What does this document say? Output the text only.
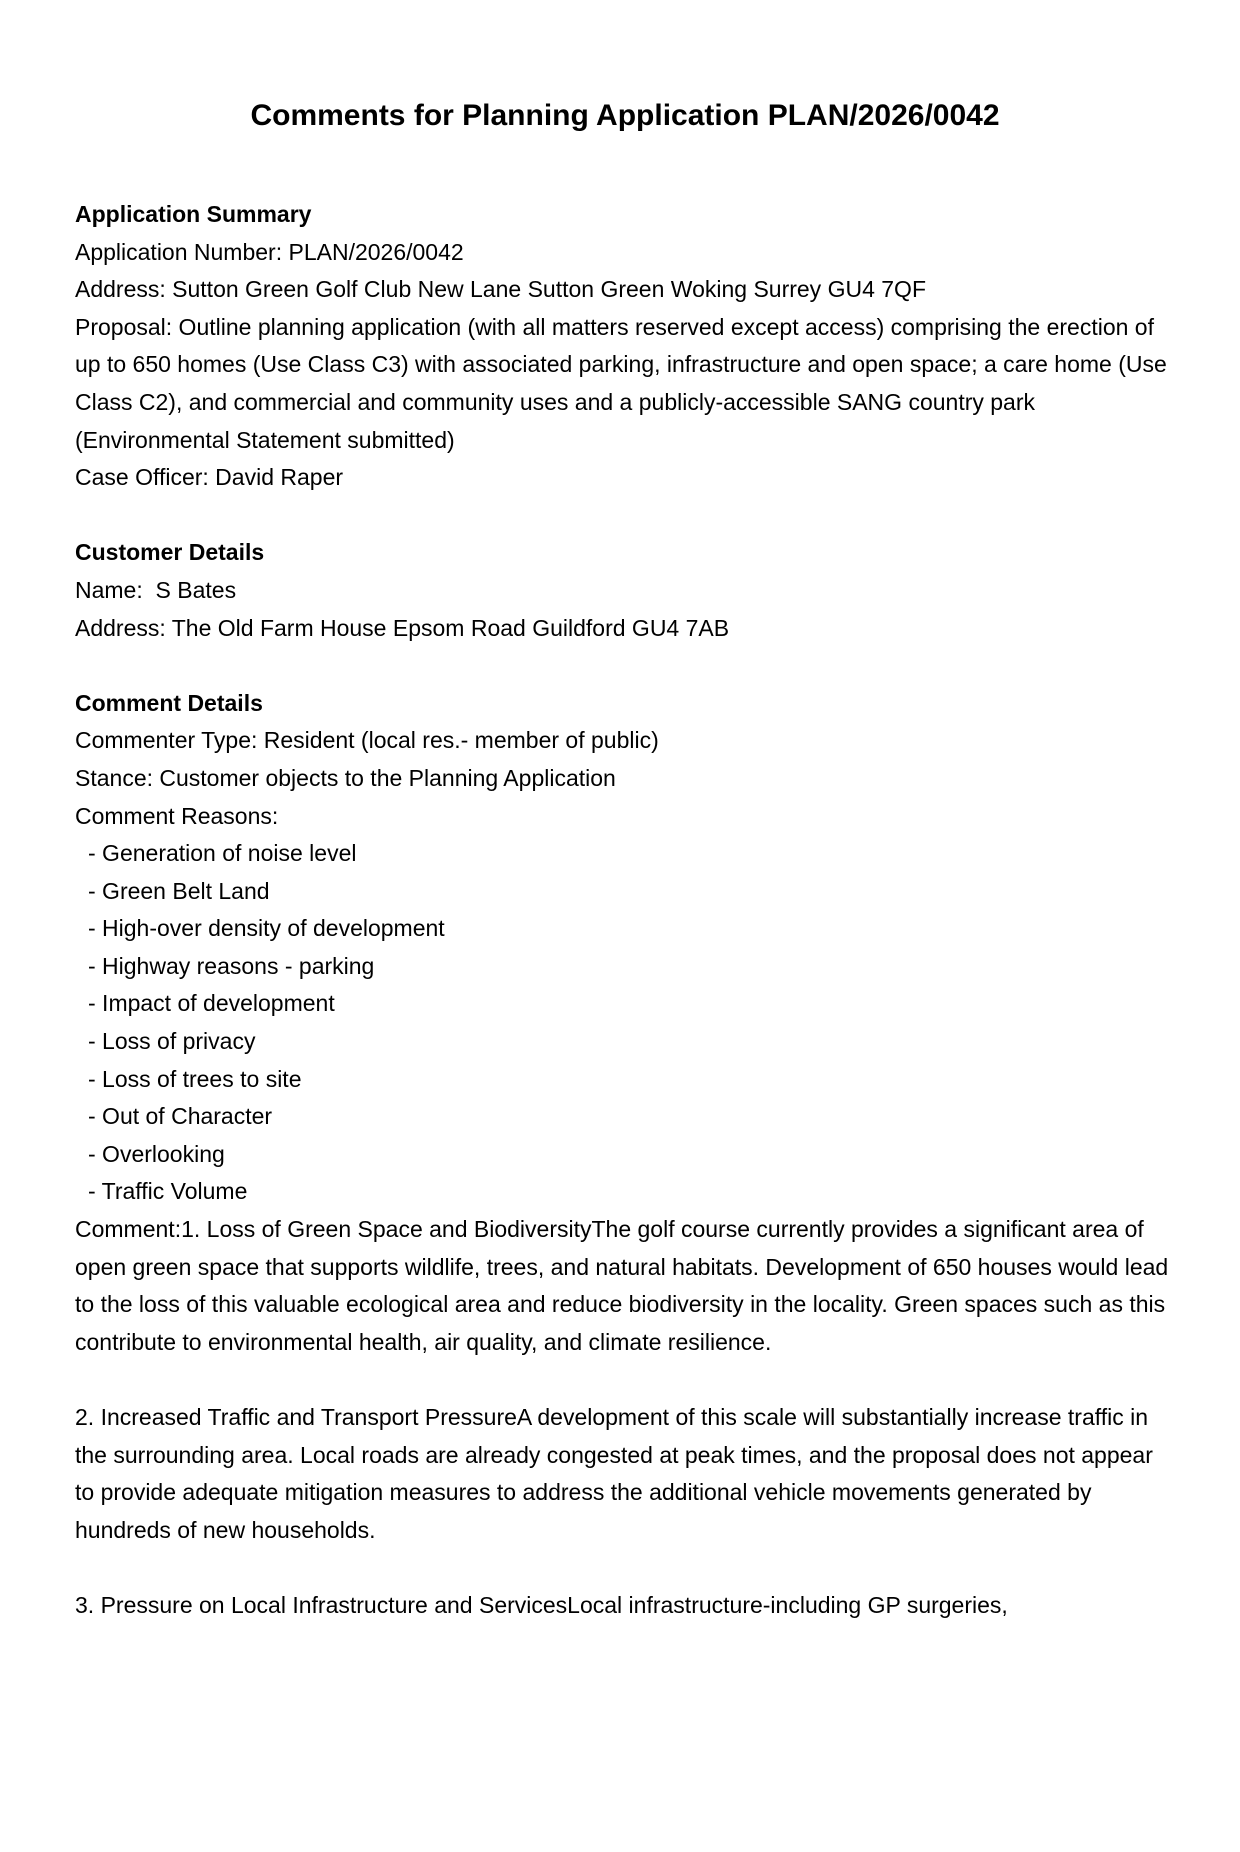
Comments for Planning Application PLAN/2026/0042
Application Summary
Application Number: PLAN/2026/0042
Address: Sutton Green Golf Club New Lane Sutton Green Woking Surrey GU4 7QF
Proposal: Outline planning application (with all matters reserved except access) comprising the erection of up to 650 homes (Use Class C3) with associated parking, infrastructure and open space; a care home (Use Class C2), and commercial and community uses and a publicly-accessible SANG country park (Environmental Statement submitted)
Case Officer: David Raper
Customer Details
Name:  S Bates
Address: The Old Farm House Epsom Road Guildford GU4 7AB
Comment Details
Commenter Type: Resident (local res.- member of public)
Stance: Customer objects to the Planning Application
Comment Reasons:
- Generation of noise level
- Green Belt Land
- High-over density of development
- Highway reasons - parking
- Impact of development
- Loss of privacy
- Loss of trees to site
- Out of Character
- Overlooking
- Traffic Volume

Comment:1. Loss of Green Space and BiodiversityThe golf course currently provides a significant area of open green space that supports wildlife, trees, and natural habitats. Development of 650 houses would lead to the loss of this valuable ecological area and reduce biodiversity in the locality. Green spaces such as this contribute to environmental health, air quality, and climate resilience.

2. Increased Traffic and Transport PressureA development of this scale will substantially increase traffic in the surrounding area. Local roads are already congested at peak times, and the proposal does not appear to provide adequate mitigation measures to address the additional vehicle movements generated by hundreds of new households.

3. Pressure on Local Infrastructure and ServicesLocal infrastructure-including GP surgeries,
